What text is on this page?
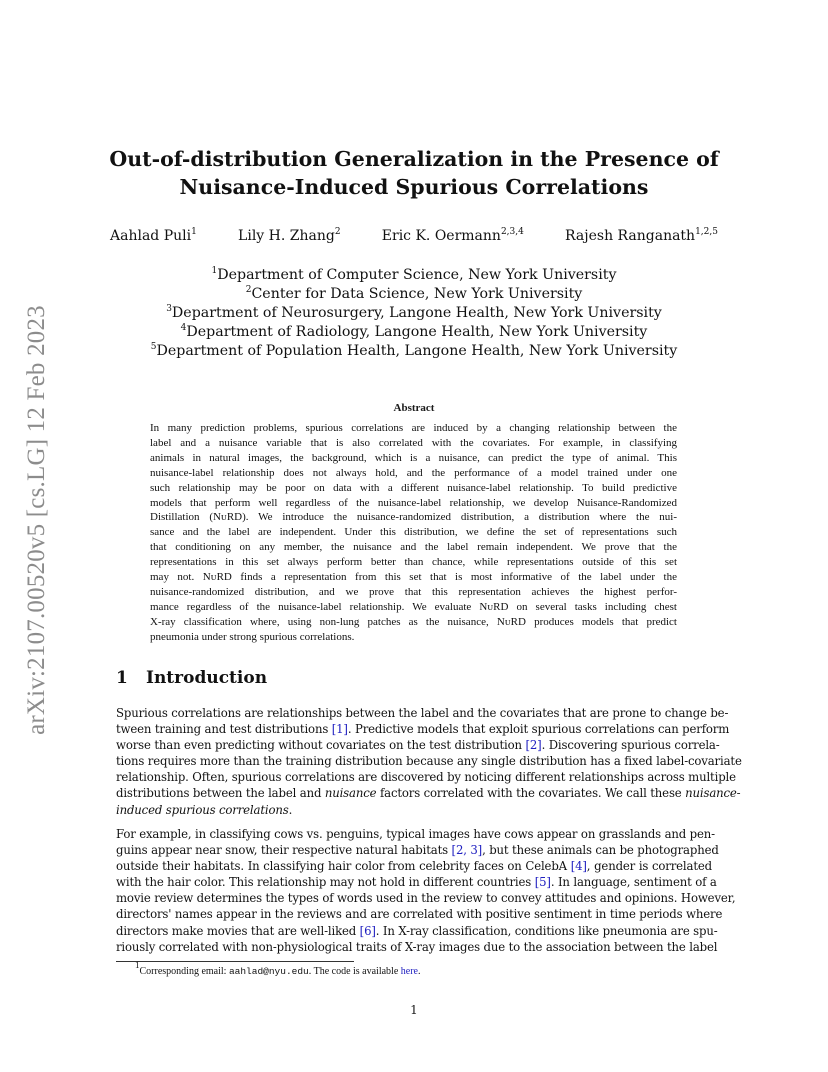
arXiv:2107.00520v5 [cs.LG] 12 Feb 2023
Out-of-distribution Generalization in the Presence of
Nuisance-Induced Spurious Correlations
Aahlad Puli$^1$	Lily H. Zhang$^2$	Eric K. Oermann$^{2,3,4}$	Rajesh Ranganath$^{1,2,5}$
$^1$Department of Computer Science, New York University
$^2$Center for Data Science, New York University
$^3$Department of Neurosurgery, Langone Health, New York University
$^4$Department of Radiology, Langone Health, New York University
$^5$Department of Population Health, Langone Health, New York University
Abstract
In many prediction problems, spurious correlations are induced by a changing relationship between the
label and a nuisance variable that is also correlated with the covariates. For example, in classifying
animals in natural images, the background, which is a nuisance, can predict the type of animal. This
nuisance-label relationship does not always hold, and the performance of a model trained under one
such relationship may be poor on data with a different nuisance-label relationship. To build predictive
models that perform well regardless of the nuisance-label relationship, we develop Nuisance-Randomized
Distillation (NᴜRD). We introduce the nuisance-randomized distribution, a distribution where the nui-
sance and the label are independent. Under this distribution, we define the set of representations such
that conditioning on any member, the nuisance and the label remain independent. We prove that the
representations in this set always perform better than chance, while representations outside of this set
may not. NᴜRD finds a representation from this set that is most informative of the label under the
nuisance-randomized distribution, and we prove that this representation achieves the highest perfor-
mance regardless of the nuisance-label relationship. We evaluate NᴜRD on several tasks including chest
X-ray classification where, using non-lung patches as the nuisance, NᴜRD produces models that predict
pneumonia under strong spurious correlations.
1 Introduction
Spurious correlations are relationships between the label and the covariates that are prone to change be-
tween training and test distributions [1]. Predictive models that exploit spurious correlations can perform
worse than even predicting without covariates on the test distribution [2]. Discovering spurious correla-
tions requires more than the training distribution because any single distribution has a fixed label-covariate
relationship. Often, spurious correlations are discovered by noticing different relationships across multiple
distributions between the label and nuisance factors correlated with the covariates. We call these nuisance-
induced spurious correlations.
For example, in classifying cows vs. penguins, typical images have cows appear on grasslands and pen-
guins appear near snow, their respective natural habitats [2, 3], but these animals can be photographed
outside their habitats. In classifying hair color from celebrity faces on CelebA [4], gender is correlated
with the hair color. This relationship may not hold in different countries [5]. In language, sentiment of a
movie review determines the types of words used in the review to convey attitudes and opinions. However,
directors' names appear in the reviews and are correlated with positive sentiment in time periods where
directors make movies that are well-liked [6]. In X-ray classification, conditions like pneumonia are spu-
riously correlated with non-physiological traits of X-ray images due to the association between the label
$^1$Corresponding email: aahlad@nyu.edu. The code is available here.
1
